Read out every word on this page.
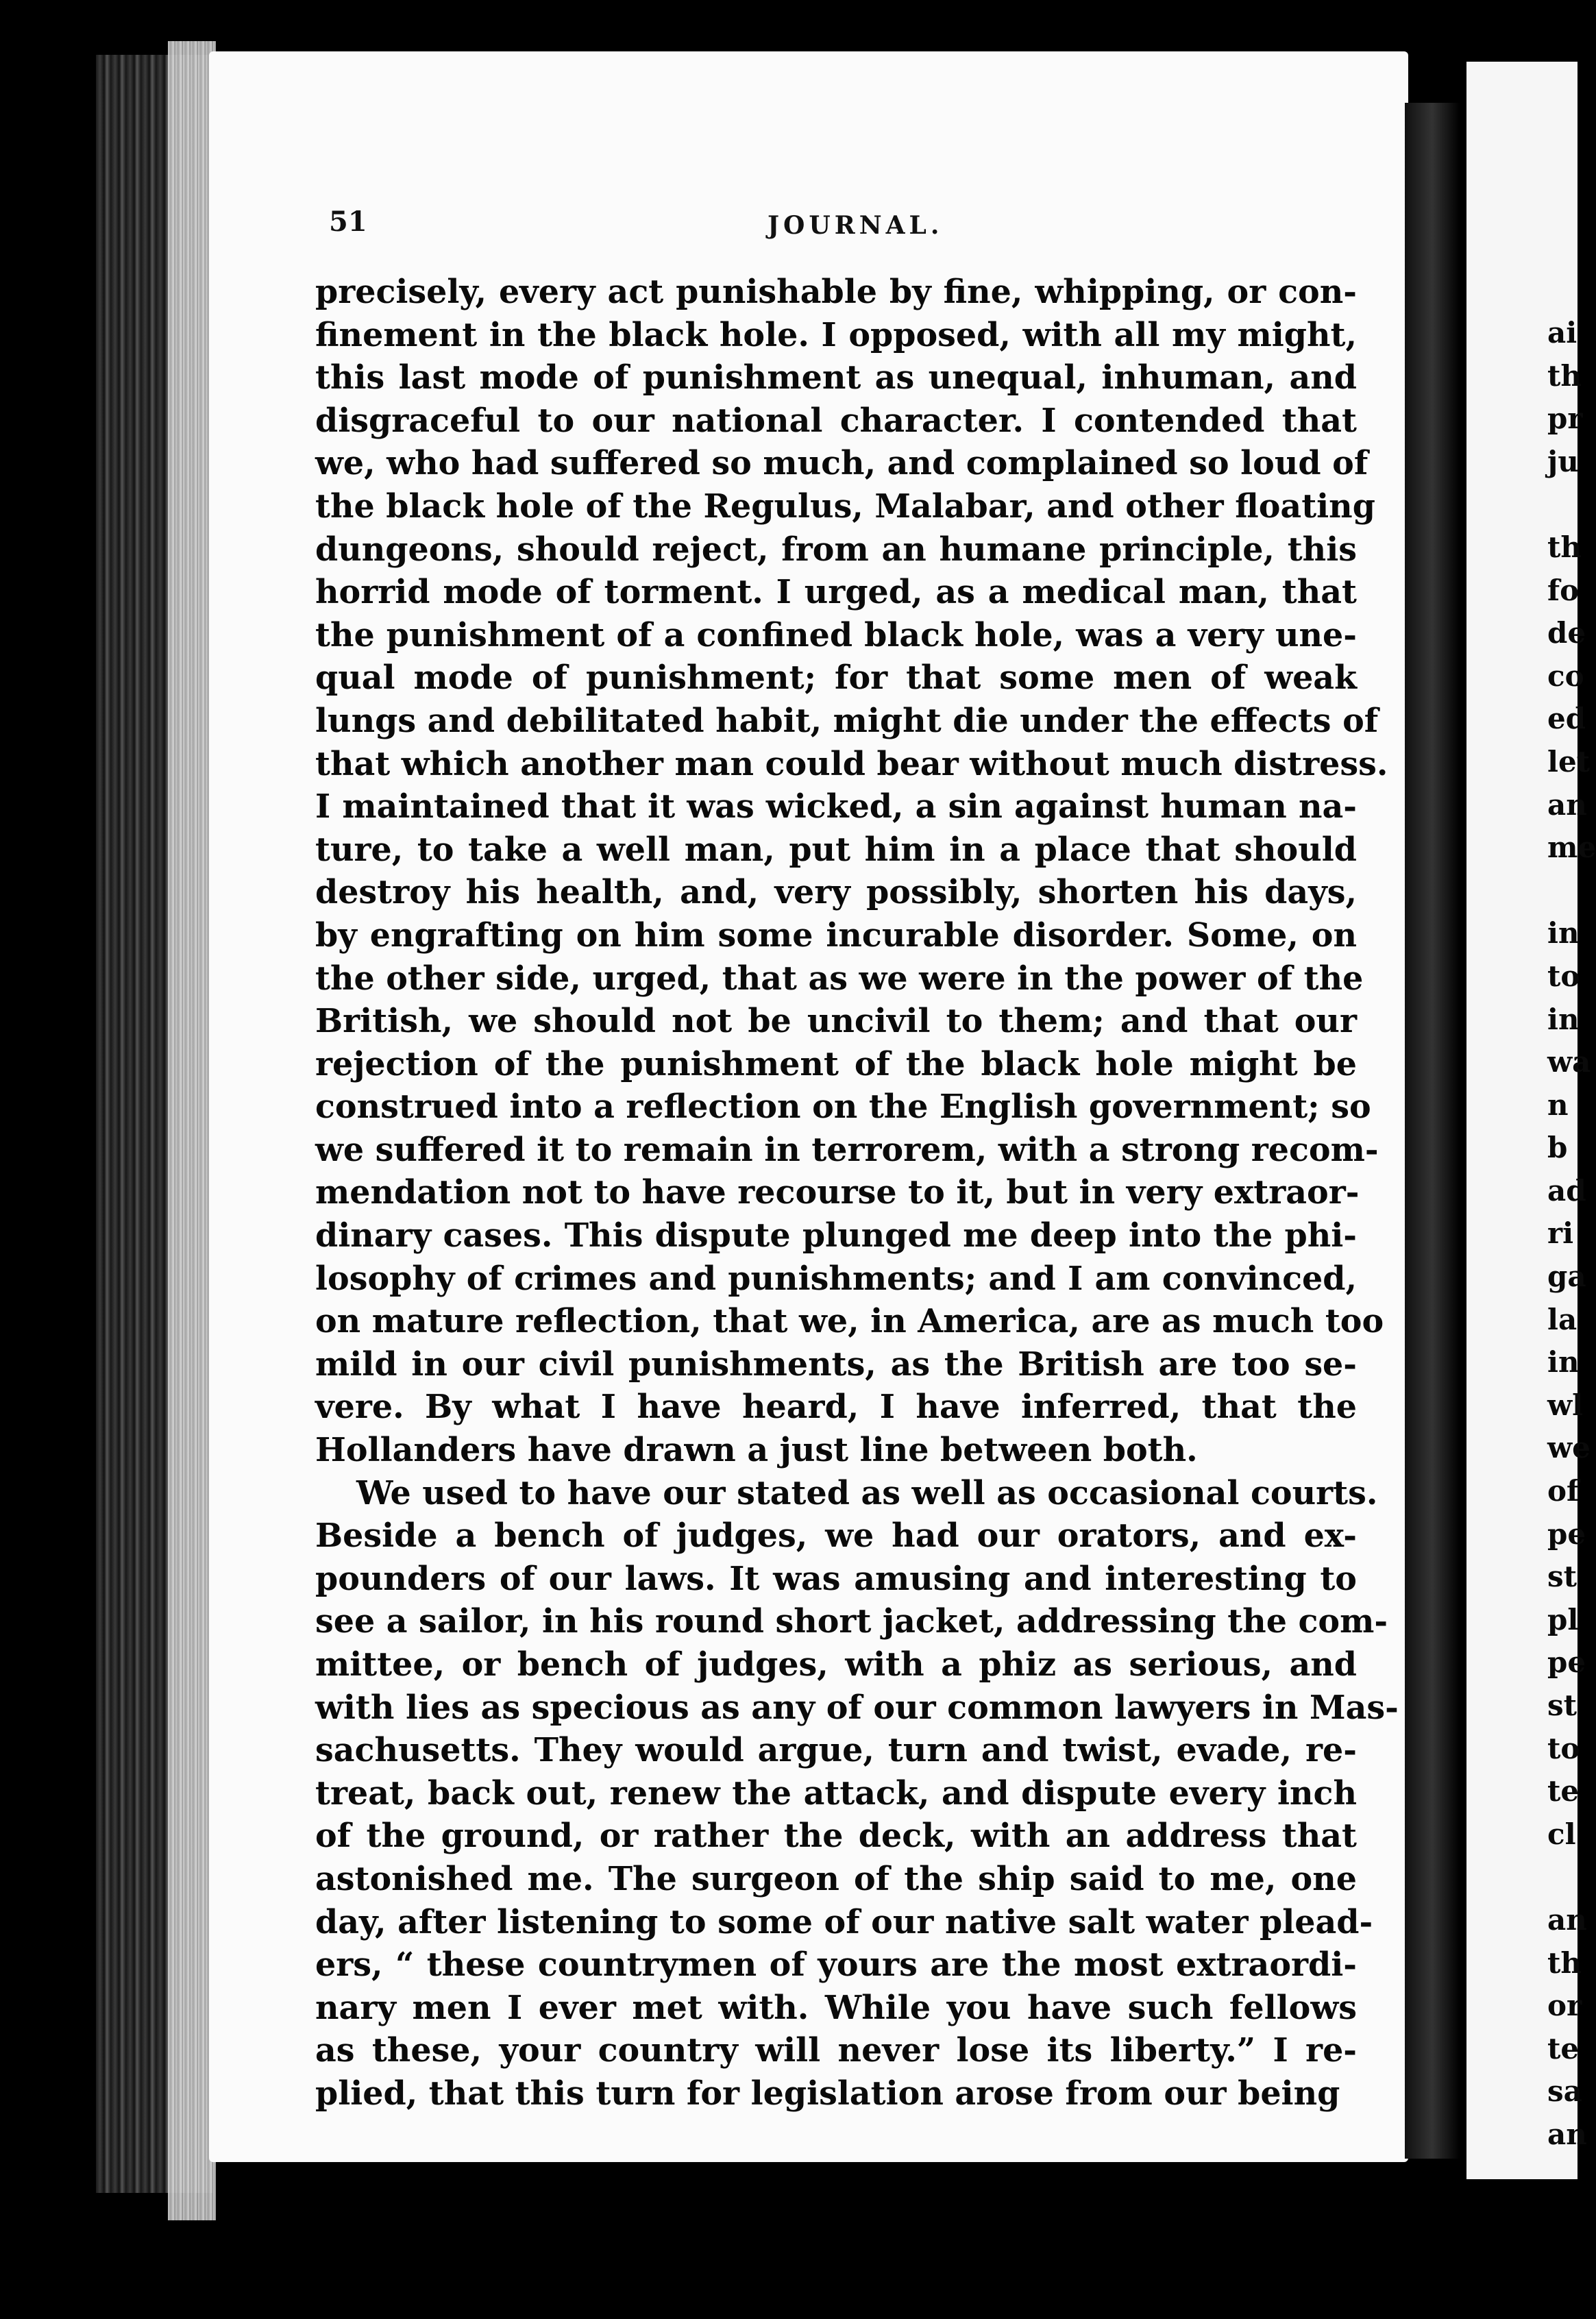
51	JOURNAL.
precisely, every act punishable by fine, whipping, or con-
finement in the black hole. I opposed, with all my might,
this last mode of punishment as unequal, inhuman, and
disgraceful to our national character. I contended that
we, who had suffered so much, and complained so loud of
the black hole of the Regulus, Malabar, and other floating
dungeons, should reject, from an humane principle, this
horrid mode of torment. I urged, as a medical man, that
the punishment of a confined black hole, was a very une-
qual mode of punishment; for that some men of weak
lungs and debilitated habit, might die under the effects of
that which another man could bear without much distress.
I maintained that it was wicked, a sin against human na-
ture, to take a well man, put him in a place that should
destroy his health, and, very possibly, shorten his days,
by engrafting on him some incurable disorder. Some, on
the other side, urged, that as we were in the power of the
British, we should not be uncivil to them; and that our
rejection of the punishment of the black hole might be
construed into a reflection on the English government; so
we suffered it to remain in terrorem, with a strong recom-
mendation not to have recourse to it, but in very extraor-
dinary cases. This dispute plunged me deep into the phi-
losophy of crimes and punishments; and I am convinced,
on mature reflection, that we, in America, are as much too
mild in our civil punishments, as the British are too se-
vere. By what I have heard, I have inferred, that the
Hollanders have drawn a just line between both.
We used to have our stated as well as occasional courts.
Beside a bench of judges, we had our orators, and ex-
pounders of our laws. It was amusing and interesting to
see a sailor, in his round short jacket, addressing the com-
mittee, or bench of judges, with a phiz as serious, and
with lies as specious as any of our common lawyers in Mas-
sachusetts. They would argue, turn and twist, evade, re-
treat, back out, renew the attack, and dispute every inch
of the ground, or rather the deck, with an address that
astonished me. The surgeon of the ship said to me, one
day, after listening to some of our native salt water plead-
ers, “ these countrymen of yours are the most extraordi-
nary men I ever met with. While you have such fellows
as these, your country will never lose its liberty.” I re-
plied, that this turn for legislation arose from our being
ai
th
pr
ju
th
fo
de
co
ed
let
an
me
in
to
in
wa
n
b
ad
ri
ga
la
in
wl
we
of
pe
st
pl
pe
st
to
te
cl
an
th
or
te
sa
an
